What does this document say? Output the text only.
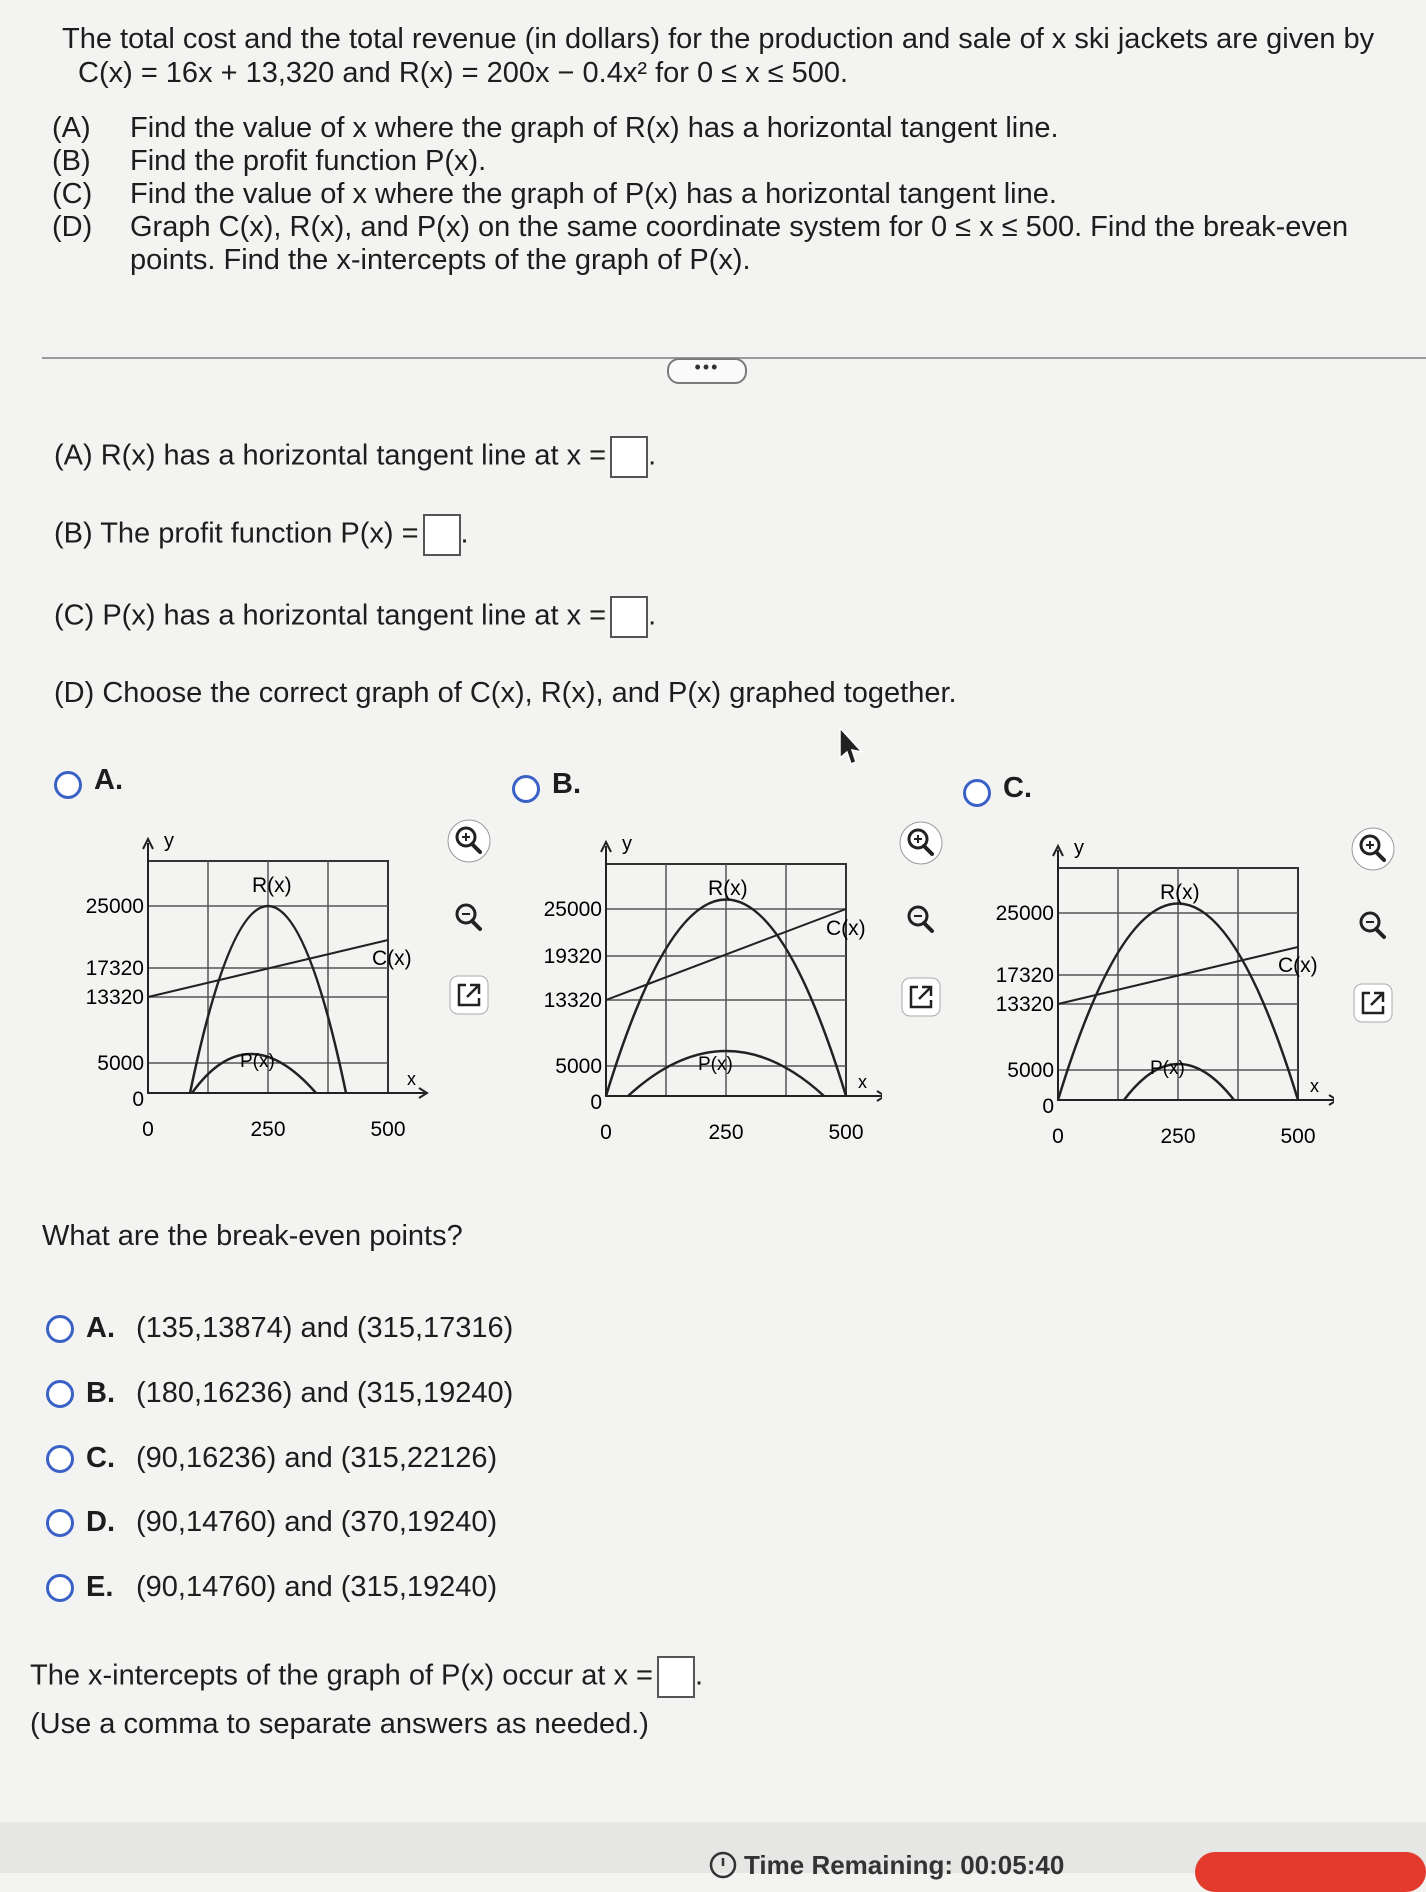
The total cost and the total revenue (in dollars) for the production and sale of x ski jackets are given by
C(x) = 16x + 13,320 and R(x) = 200x − 0.4x² for 0 ≤ x ≤ 500.
(A)	Find the value of x where the graph of R(x) has a horizontal tangent line.
(B)	Find the profit function P(x).
(C)	Find the value of x where the graph of P(x) has a horizontal tangent line.
(D)	Graph C(x), R(x), and P(x) on the same coordinate system for 0 ≤ x ≤ 500. Find the break-even
points. Find the x-intercepts of the graph of P(x).
•••
(A) R(x) has a horizontal tangent line at x = .
(B) The profit function P(x) = .
(C) P(x) has a horizontal tangent line at x = .
(D) Choose the correct graph of C(x), R(x), and P(x) graphed together.
A.	B.	C.
y
25000
17320
13320
5000
0
0	250	500
x
R(x)
C(x)
P(x)
y
25000
19320
13320
5000
0
0	250	500
x
R(x)
C(x)
P(x)
y
25000
17320
13320
5000
0
0	250	500
x
R(x)
C(x)
P(x)
What are the break-even points?
A. (135,13874) and (315,17316)
B. (180,16236) and (315,19240)
C. (90,16236) and (315,22126)
D. (90,14760) and (370,19240)
E. (90,14760) and (315,19240)
The x-intercepts of the graph of P(x) occur at x = .
(Use a comma to separate answers as needed.)
Time Remaining: 00:05:40
